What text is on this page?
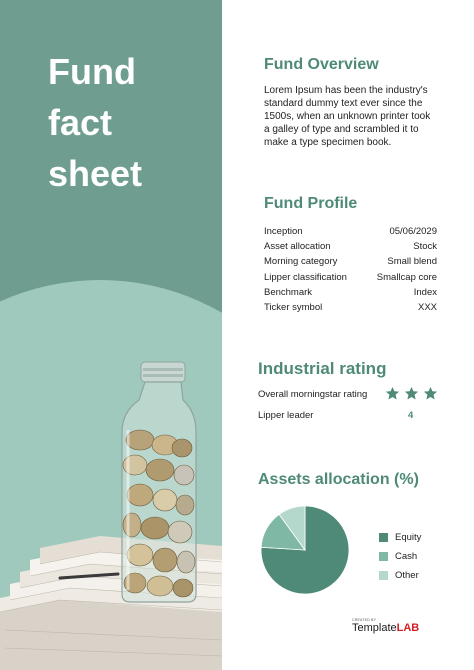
Fund
fact
sheet
Fund Overview
Lorem Ipsum has been the industry's standard dummy text ever since the 1500s, when an unknown printer took a galley of type and scrambled it to make a type specimen book.
Fund Profile
Inception	05/06/2029
Asset allocation	Stock
Morning category	Small blend
Lipper classification	Smallcap core
Benchmark	Index
Ticker symbol	XXX
Industrial rating
Overall morningstar rating
Lipper leader	4
Assets allocation (%)
Equity
Cash
Other
CREATED BY
TemplateLAB
